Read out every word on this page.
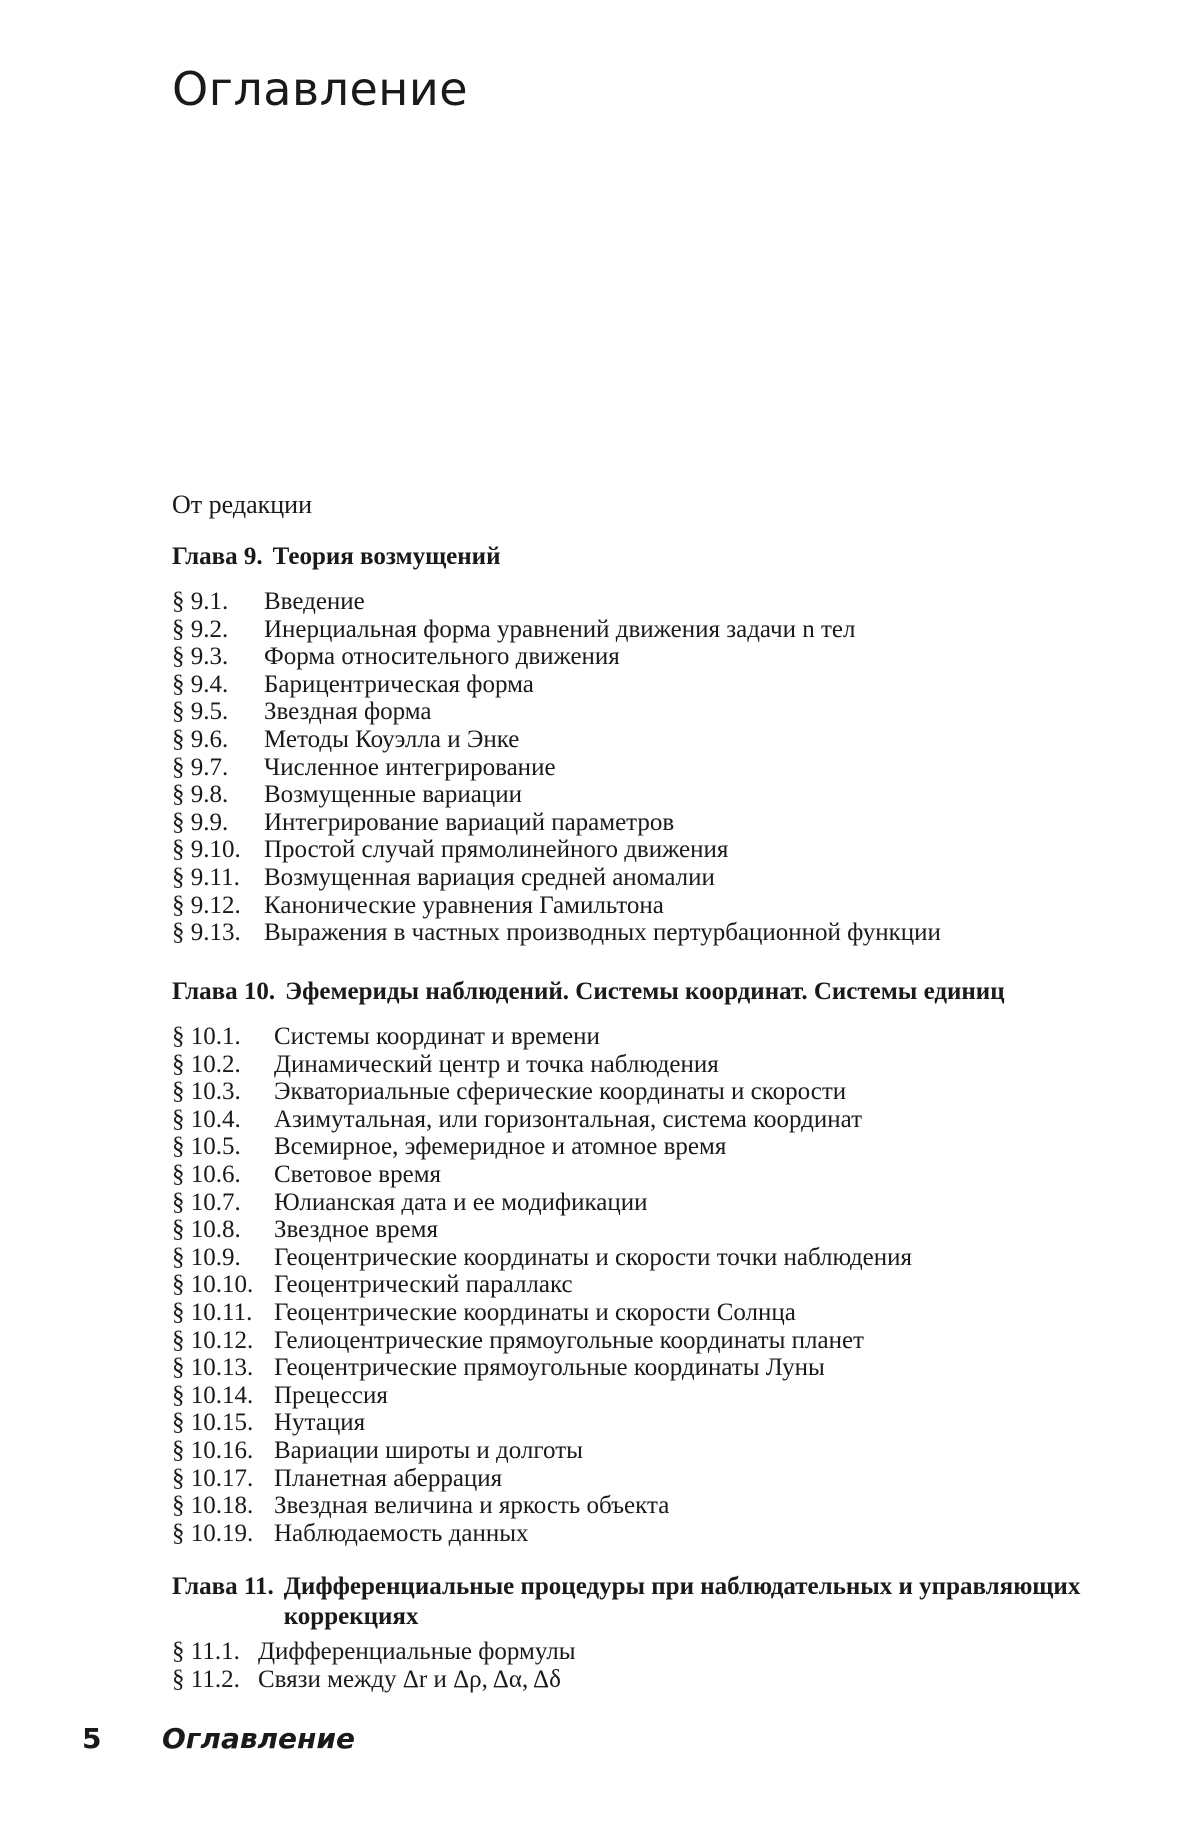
Оглавление
От редакции
Глава 9. Теория возмущений
§ 9.1.	Введение
§ 9.2.	Инерциальная форма уравнений движения задачи n тел
§ 9.3.	Форма относительного движения
§ 9.4.	Барицентрическая форма
§ 9.5.	Звездная форма
§ 9.6.	Методы Коуэлла и Энке
§ 9.7.	Численное интегрирование
§ 9.8.	Возмущенные вариации
§ 9.9.	Интегрирование вариаций параметров
§ 9.10. Простой случай прямолинейного движения
§ 9.11. Возмущенная вариация средней аномалии
§ 9.12. Канонические уравнения Гамильтона
§ 9.13. Выражения в частных производных пертурбационной функции
Глава 10. Эфемериды наблюдений. Системы координат. Системы единиц
§ 10.1.	Системы координат и времени
§ 10.2.	Динамический центр и точка наблюдения
§ 10.3.	Экваториальные сферические координаты и скорости
§ 10.4.	Азимутальная, или горизонтальная, система координат
§ 10.5.	Всемирное, эфемеридное и атомное время
§ 10.6.	Световое время
§ 10.7.	Юлианская дата и ее модификации
§ 10.8.	Звездное время
§ 10.9.	Геоцентрические координаты и скорости точки наблюдения
§ 10.10. Геоцентрический параллакс
§ 10.11. Геоцентрические координаты и скорости Солнца
§ 10.12. Гелиоцентрические прямоугольные координаты планет
§ 10.13. Геоцентрические прямоугольные координаты Луны
§ 10.14. Прецессия
§ 10.15. Нутация
§ 10.16. Вариации широты и долготы
§ 10.17. Планетная аберрация
§ 10.18. Звездная величина и яркость объекта
§ 10.19. Наблюдаемость данных
Глава 11. Дифференциальные процедуры при наблюдательных и управляющих коррекциях
§ 11.1. Дифференциальные формулы
§ 11.2. Связи между Δr и Δρ, Δα, Δδ
5	Оглавление
